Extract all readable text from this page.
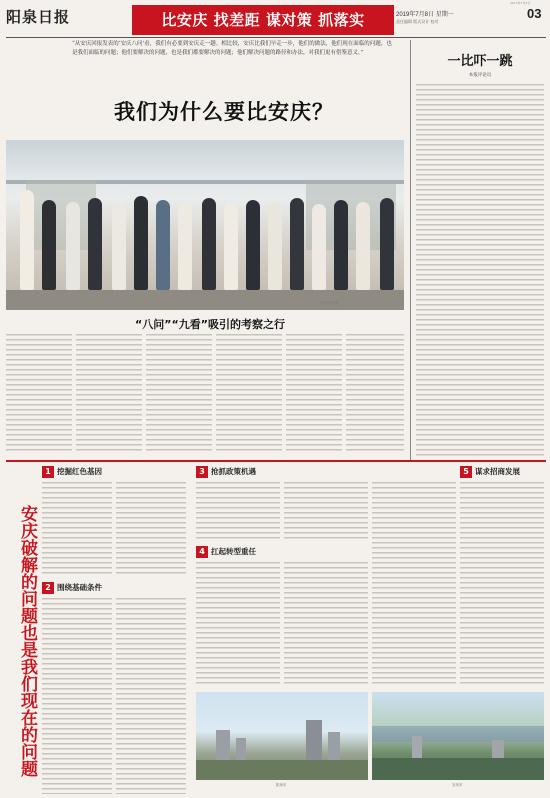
阳泉日报	比安庆 找差距 谋对策 抓落实	2019年7月8日 星期一
责任编辑 版式设计 校对
2019年7月8日
03
“从安庆回报发表的‘安庆八问’看，我们有必要到安庆走一趟。相比较，安庆比我们早走一步，他们的做法，他们现在面临的问题，也是我们面临的问题；他们要解决的问题，也是我们都要解决的问题；他们解决问题的路径和办法，对我们更有借鉴意义。”
我们为什么要比安庆？
本报记者 摄
“八问”“九看”吸引的考察之行
一比吓一跳
本报评论员
安庆破解的问题也是我们现在的问题
1 挖掘红色基因
2 围绕基础条件
3 抢抓政策机遇
4 扛起转型重任
5 谋求招商发展
阳泉市	安庆市
